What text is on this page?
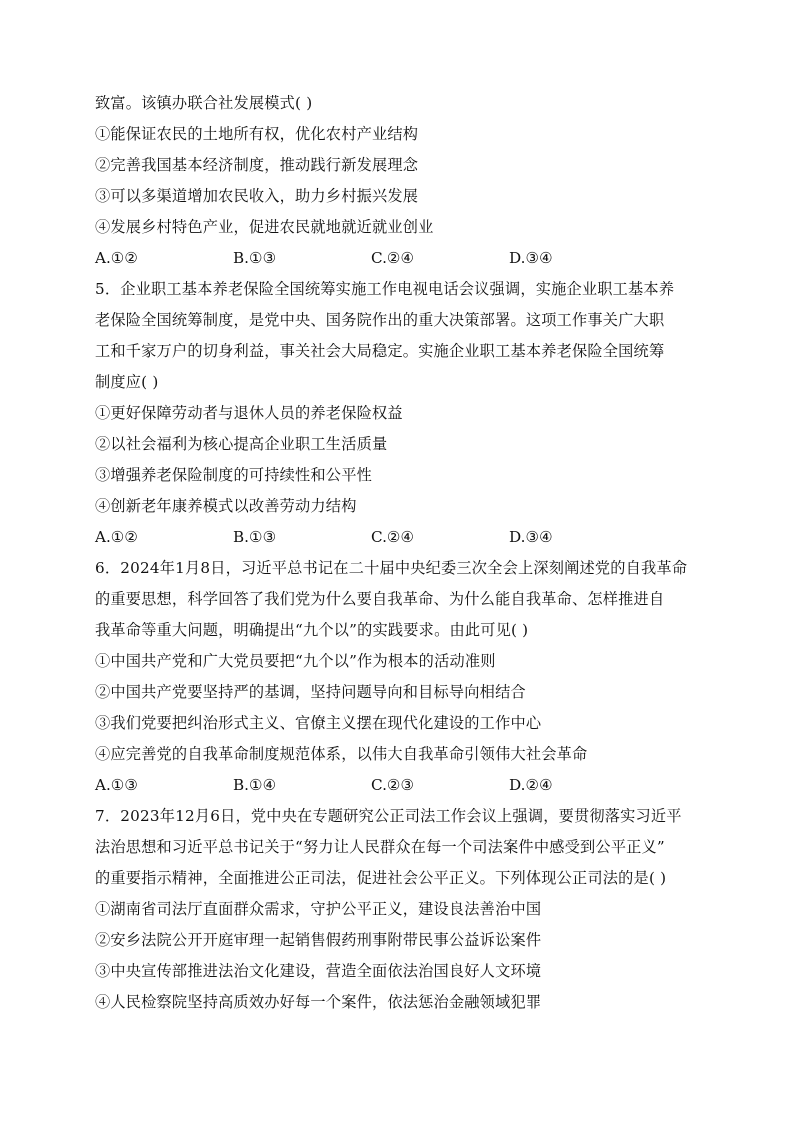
致富。该镇办联合社发展模式( )
①能保证农民的土地所有权，优化农村产业结构
②完善我国基本经济制度，推动践行新发展理念
③可以多渠道增加农民收入，助力乡村振兴发展
④发展乡村特色产业，促进农民就地就近就业创业
A.①②	B.①③	C.②④	D.③④
5．企业职工基本养老保险全国统筹实施工作电视电话会议强调，实施企业职工基本养
老保险全国统筹制度，是党中央、国务院作出的重大决策部署。这项工作事关广大职
工和千家万户的切身利益，事关社会大局稳定。实施企业职工基本养老保险全国统筹
制度应( )
①更好保障劳动者与退休人员的养老保险权益
②以社会福利为核心提高企业职工生活质量
③增强养老保险制度的可持续性和公平性
④创新老年康养模式以改善劳动力结构
A.①②	B.①③	C.②④	D.③④
6．2024年1月8日，习近平总书记在二十届中央纪委三次全会上深刻阐述党的自我革命
的重要思想，科学回答了我们党为什么要自我革命、为什么能自我革命、怎样推进自
我革命等重大问题，明确提出“九个以”的实践要求。由此可见( )
①中国共产党和广大党员要把“九个以”作为根本的活动准则
②中国共产党要坚持严的基调，坚持问题导向和目标导向相结合
③我们党要把纠治形式主义、官僚主义摆在现代化建设的工作中心
④应完善党的自我革命制度规范体系，以伟大自我革命引领伟大社会革命
A.①③	B.①④	C.②③	D.②④
7．2023年12月6日，党中央在专题研究公正司法工作会议上强调，要贯彻落实习近平
法治思想和习近平总书记关于“努力让人民群众在每一个司法案件中感受到公平正义”
的重要指示精神，全面推进公正司法，促进社会公平正义。下列体现公正司法的是( )
①湖南省司法厅直面群众需求，守护公平正义，建设良法善治中国
②安乡法院公开开庭审理一起销售假药刑事附带民事公益诉讼案件
③中央宣传部推进法治文化建设，营造全面依法治国良好人文环境
④人民检察院坚持高质效办好每一个案件，依法惩治金融领域犯罪
